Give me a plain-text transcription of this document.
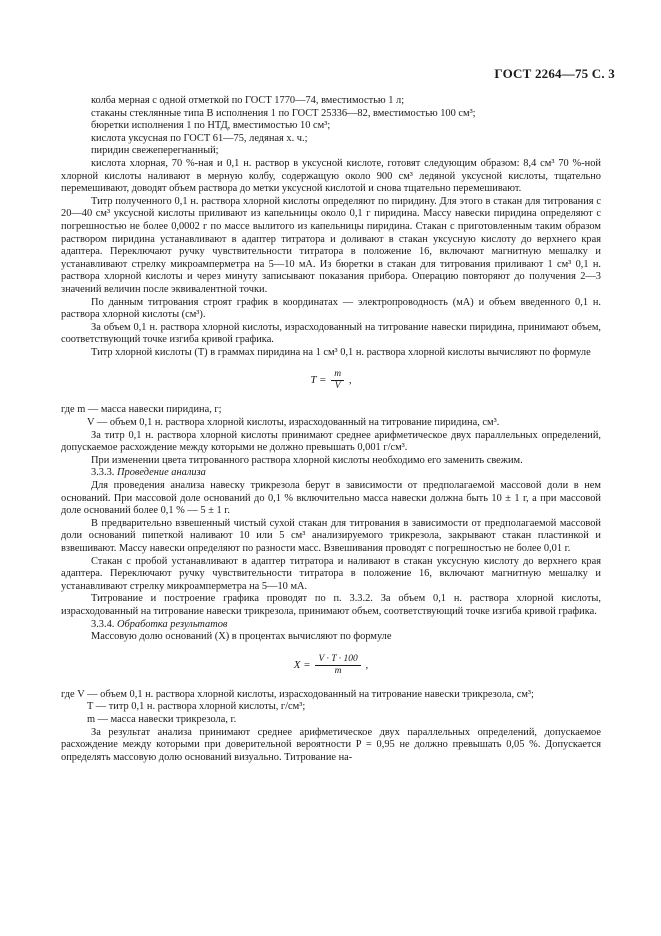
ГОСТ 2264—75 С. 3

колба мерная с одной отметкой по ГОСТ 1770—74, вместимостью 1 л;

стаканы стеклянные типа В исполнения 1 по ГОСТ 25336—82, вместимостью 100 см³;

бюретки исполнения 1 по НТД, вместимостью 10 см³;

кислота уксусная по ГОСТ 61—75, ледяная х. ч.;

пиридин свежеперегнанный;

кислота хлорная, 70 %-ная и 0,1 н. раствор в уксусной кислоте, готовят следующим образом: 8,4 см³ 70 %-ной хлорной кислоты наливают в мерную колбу, содержащую около 900 см³ ледяной уксусной кислоты, тщательно перемешивают, доводят объем раствора до метки уксусной кислотой и снова тщательно перемешивают.

Титр полученного 0,1 н. раствора хлорной кислоты определяют по пиридину. Для этого в стакан для титрования с 20—40 см³ уксусной кислоты приливают из капельницы около 0,1 г пиридина. Массу навески пиридина определяют с погрешностью не более 0,0002 г по массе вылитого из капельницы пиридина. Стакан с приготовленным таким образом раствором пиридина устанавливают в адаптер титратора и доливают в стакан уксусную кислоту до верхнего края адаптера. Переключают ручку чувствительности титратора в положение 16, включают магнитную мешалку и устанавливают стрелку микроамперметра на 5—10 мА. Из бюретки в стакан для титрования приливают 1 см³ 0,1 н. раствора хлорной кислоты и через минуту записывают показания прибора. Операцию повторяют до получения 2—3 значений величин после эквивалентной точки.

По данным титрования строят график в координатах — электропроводность (мА) и объем введенного 0,1 н. раствора хлорной кислоты (см³).

За объем 0,1 н. раствора хлорной кислоты, израсходованный на титрование навески пиридина, принимают объем, соответствующий точке изгиба кривой графика.

Титр хлорной кислоты (T) в граммах пиридина на 1 см³ 0,1 н. раствора хлорной кислоты вычисляют по формуле

$T = \frac{m}{V}$ ,

где m — масса навески пиридина, г;

V — объем 0,1 н. раствора хлорной кислоты, израсходованный на титрование пиридина, см³.

За титр 0,1 н. раствора хлорной кислоты принимают среднее арифметическое двух параллельных определений, допускаемое расхождение между которыми не должно превышать 0,001 г/см³.

При изменении цвета титрованного раствора хлорной кислоты необходимо его заменить свежим.

3.3.3. Проведение анализа

Для проведения анализа навеску трикрезола берут в зависимости от предполагаемой массовой доли в нем оснований. При массовой доле оснований до 0,1 % включительно масса навески должна быть 10 ± 1 г, а при массовой доле оснований более 0,1 % — 5 ± 1 г.

В предварительно взвешенный чистый сухой стакан для титрования в зависимости от предполагаемой массовой доли оснований пипеткой наливают 10 или 5 см³ анализируемого трикрезола, закрывают стакан пластинкой и взвешивают. Массу навески определяют по разности масс. Взвешивания проводят с погрешностью не более 0,01 г.

Стакан с пробой устанавливают в адаптер титратора и наливают в стакан уксусную кислоту до верхнего края адаптера. Переключают ручку чувствительности титратора в положение 16, включают магнитную мешалку и устанавливают стрелку микроамперметра на 5—10 мА.

Титрование и построение графика проводят по п. 3.3.2. За объем 0,1 н. раствора хлорной кислоты, израсходованный на титрование навески трикрезола, принимают объем, соответствующий точке изгиба кривой графика.

3.3.4. Обработка результатов

Массовую долю оснований (X) в процентах вычисляют по формуле

$X = \frac{V \cdot T \cdot 100}{m}$ ,

где V — объем 0,1 н. раствора хлорной кислоты, израсходованный на титрование навески трикрезола, см³;

T — титр 0,1 н. раствора хлорной кислоты, г/см³;

m — масса навески трикрезола, г.

За результат анализа принимают среднее арифметическое двух параллельных определений, допускаемое расхождение между которыми при доверительной вероятности P = 0,95 не должно превышать 0,05 %. Допускается определять массовую долю оснований визуально. Титрование на-
